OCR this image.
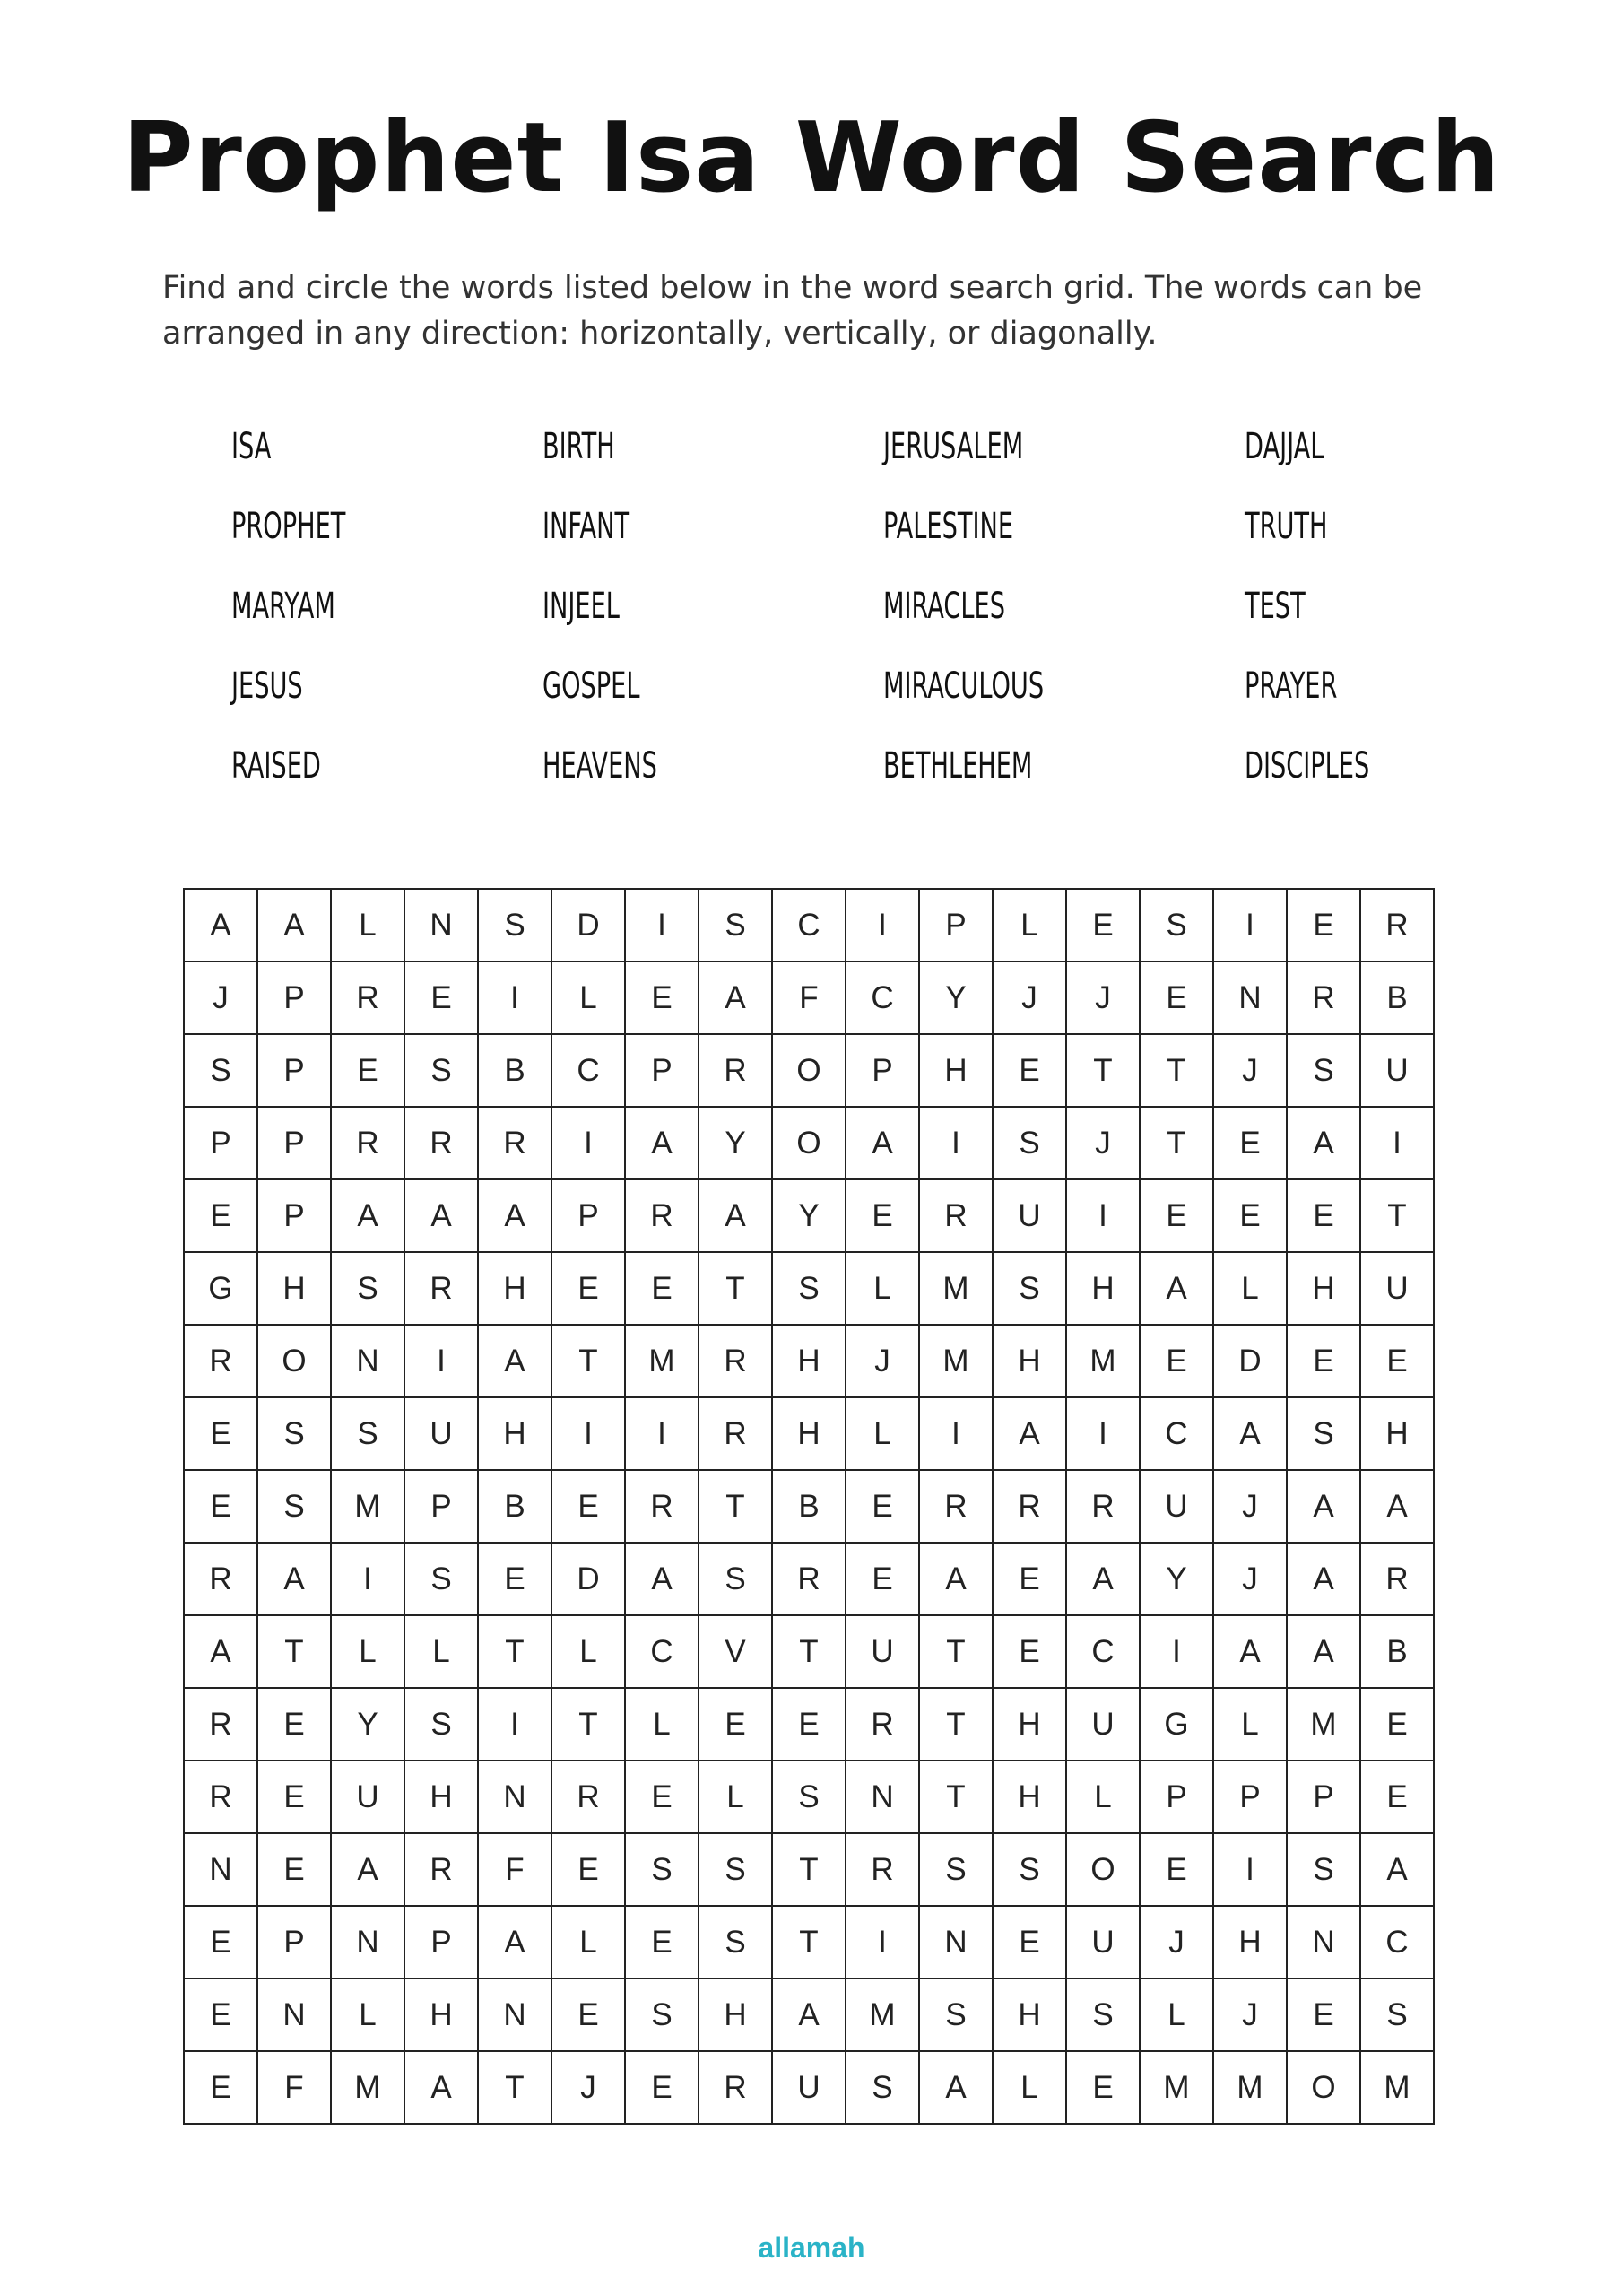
Prophet Isa Word Search
Find and circle the words listed below in the word search grid. The words can be arranged in any direction: horizontally, vertically, or diagonally.
ISA
PROPHET
MARYAM
JESUS
RAISED
BIRTH
INFANT
INJEEL
GOSPEL
HEAVENS
JERUSALEM
PALESTINE
MIRACLES
MIRACULOUS
BETHLEHEM
DAJJAL
TRUTH
TEST
PRAYER
DISCIPLES
A	A	L	N	S	D	I	S	C	I	P	L	E	S	I	E	R
J	P	R	E	I	L	E	A	F	C	Y	J	J	E	N	R	B
S	P	E	S	B	C	P	R	O	P	H	E	T	T	J	S	U
P	P	R	R	R	I	A	Y	O	A	I	S	J	T	E	A	I
E	P	A	A	A	P	R	A	Y	E	R	U	I	E	E	E	T
G	H	S	R	H	E	E	T	S	L	M	S	H	A	L	H	U
R	O	N	I	A	T	M	R	H	J	M	H	M	E	D	E	E
E	S	S	U	H	I	I	R	H	L	I	A	I	C	A	S	H
E	S	M	P	B	E	R	T	B	E	R	R	R	U	J	A	A
R	A	I	S	E	D	A	S	R	E	A	E	A	Y	J	A	R
A	T	L	L	T	L	C	V	T	U	T	E	C	I	A	A	B
R	E	Y	S	I	T	L	E	E	R	T	H	U	G	L	M	E
R	E	U	H	N	R	E	L	S	N	T	H	L	P	P	P	E
N	E	A	R	F	E	S	S	T	R	S	S	O	E	I	S	A
E	P	N	P	A	L	E	S	T	I	N	E	U	J	H	N	C
E	N	L	H	N	E	S	H	A	M	S	H	S	L	J	E	S
E	F	M	A	T	J	E	R	U	S	A	L	E	M	M	O	M
allamah
